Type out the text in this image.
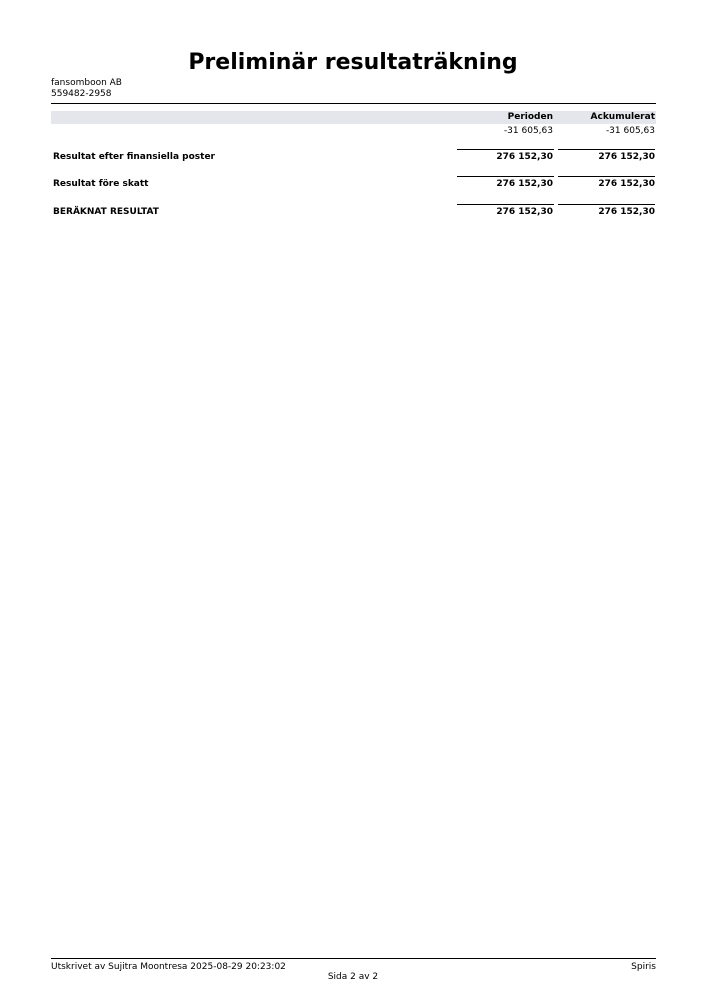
Preliminär resultaträkning
fansomboon AB
559482-2958
Perioden	Ackumulerat
-31 605,63	-31 605,63
Resultat efter finansiella poster	276 152,30	276 152,30
Resultat före skatt	276 152,30	276 152,30
BERÄKNAT RESULTAT	276 152,30	276 152,30
Utskrivet av Sujitra Moontresa 2025-08-29 20:23:02	Spiris
Sida 2 av 2
